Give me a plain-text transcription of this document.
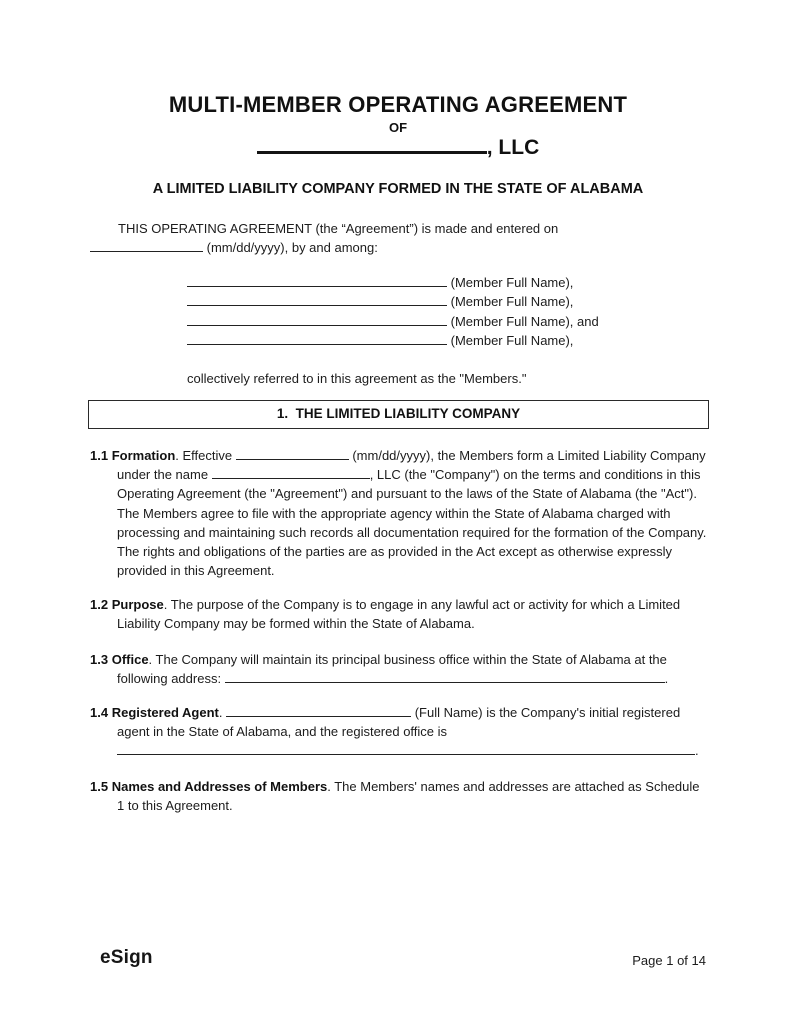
MULTI-MEMBER OPERATING AGREEMENT
OF
, LLC
A LIMITED LIABILITY COMPANY FORMED IN THE STATE OF ALABAMA
THIS OPERATING AGREEMENT (the “Agreement”) is made and entered on
(mm/dd/yyyy), by and among:
(Member Full Name),
(Member Full Name),
(Member Full Name), and
(Member Full Name),
collectively referred to in this agreement as the "Members."
1.  THE LIMITED LIABILITY COMPANY

1.1 Formation. Effective	(mm/dd/yyyy), the Members form a Limited Liability Company under the name	, LLC (the "Company") on the terms and conditions in this Operating Agreement (the "Agreement") and pursuant to the laws of the State of Alabama (the "Act"). The Members agree to file with the appropriate agency within the State of Alabama charged with processing and maintaining such records all documentation required for the formation of the Company. The rights and obligations of the parties are as provided in the Act except as otherwise expressly provided in this Agreement.

1.2 Purpose. The purpose of the Company is to engage in any lawful act or activity for which a Limited Liability Company may be formed within the State of Alabama.

1.3 Office. The Company will maintain its principal business office within the State of Alabama at the following address:	.

1.4 Registered Agent.	(Full Name) is the Company's initial registered agent in the State of Alabama, and the registered office is .

1.5 Names and Addresses of Members. The Members' names and addresses are attached as Schedule 1 to this Agreement.

eSign	Page 1 of 14
